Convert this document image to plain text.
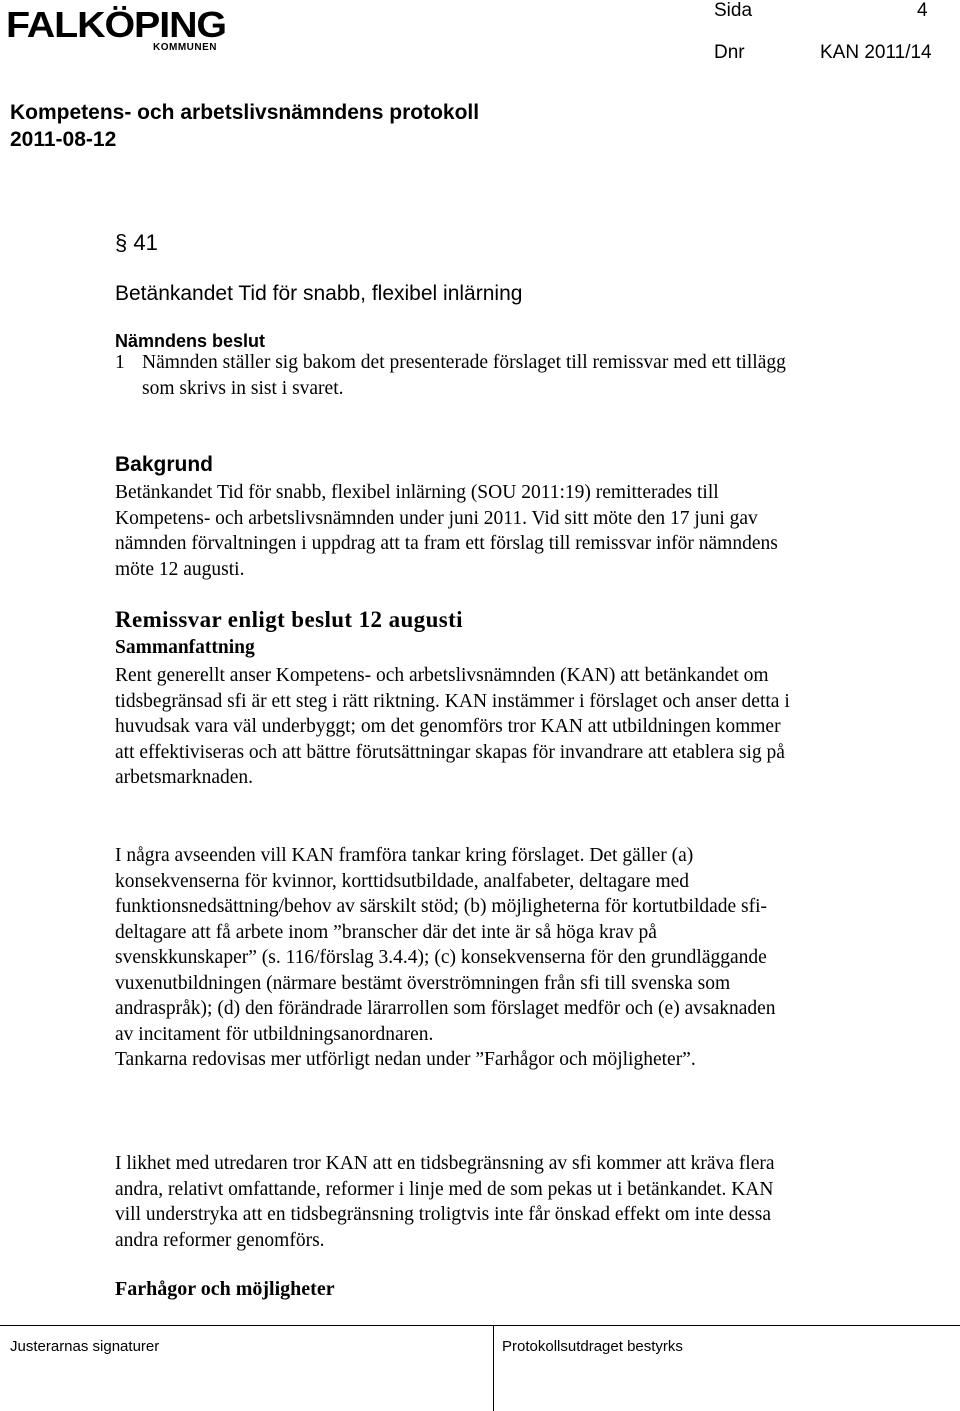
FALKÖPING
KOMMUNEN
Sida	4
Dnr	KAN 2011/14
Kompetens- och arbetslivsnämndens protokoll
2011-08-12
§ 41
Betänkandet Tid för snabb, flexibel inlärning
Nämndens beslut
1 Nämnden ställer sig bakom det presenterade förslaget till remissvar med ett tillägg som skrivs in sist i svaret.
Bakgrund

Betänkandet Tid för snabb, flexibel inlärning (SOU 2011:19) remitterades till Kompetens- och arbetslivsnämnden under juni 2011. Vid sitt möte den 17 juni gav nämnden förvaltningen i uppdrag att ta fram ett förslag till remissvar inför nämndens möte 12 augusti.

Remissvar enligt beslut 12 augusti
Sammanfattning

Rent generellt anser Kompetens- och arbetslivsnämnden (KAN) att betänkandet om tidsbegränsad sfi är ett steg i rätt riktning. KAN instämmer i förslaget och anser detta i huvudsak vara väl underbyggt; om det genomförs tror KAN att utbildningen kommer att effektiviseras och att bättre förutsättningar skapas för invandrare att etablera sig på arbetsmarknaden.

I några avseenden vill KAN framföra tankar kring förslaget. Det gäller (a) konsekvenserna för kvinnor, korttidsutbildade, analfabeter, deltagare med funktionsnedsättning/behov av särskilt stöd; (b) möjligheterna för kortutbildade sfi-deltagare att få arbete inom ”branscher där det inte är så höga krav på svenskkunskaper” (s. 116/förslag 3.4.4); (c) konsekvenserna för den grundläggande vuxenutbildningen (närmare bestämt överströmningen från sfi till svenska som andraspråk); (d) den förändrade lärarrollen som förslaget medför och (e) avsaknaden av incitament för utbildningsanordnaren.

Tankarna redovisas mer utförligt nedan under ”Farhågor och möjligheter”.

I likhet med utredaren tror KAN att en tidsbegränsning av sfi kommer att kräva flera andra, relativt omfattande, reformer i linje med de som pekas ut i betänkandet. KAN vill understryka att en tidsbegränsning troligtvis inte får önskad effekt om inte dessa andra reformer genomförs.

Farhågor och möjligheter
Justerarnas signaturer	Protokollsutdraget bestyrks
